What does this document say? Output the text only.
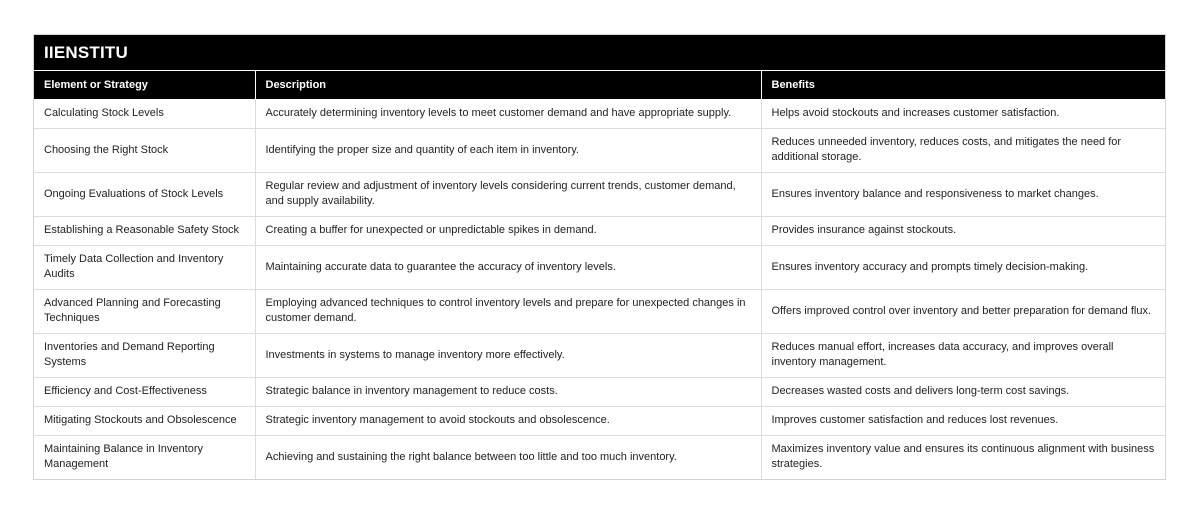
IIENSTITU
Element or Strategy	Description	Benefits
Calculating Stock Levels	Accurately determining inventory levels to meet customer demand and have appropriate supply.	Helps avoid stockouts and increases customer satisfaction.
Choosing the Right Stock	Identifying the proper size and quantity of each item in inventory.	Reduces unneeded inventory, reduces costs, and mitigates the need for additional storage.
Ongoing Evaluations of Stock Levels	Regular review and adjustment of inventory levels considering current trends, customer demand, and supply availability.	Ensures inventory balance and responsiveness to market changes.
Establishing a Reasonable Safety Stock	Creating a buffer for unexpected or unpredictable spikes in demand.	Provides insurance against stockouts.
Timely Data Collection and Inventory Audits	Maintaining accurate data to guarantee the accuracy of inventory levels.	Ensures inventory accuracy and prompts timely decision-making.
Advanced Planning and Forecasting Techniques	Employing advanced techniques to control inventory levels and prepare for unexpected changes in customer demand.	Offers improved control over inventory and better preparation for demand flux.
Inventories and Demand Reporting Systems	Investments in systems to manage inventory more effectively.	Reduces manual effort, increases data accuracy, and improves overall inventory management.
Efficiency and Cost-Effectiveness	Strategic balance in inventory management to reduce costs.	Decreases wasted costs and delivers long-term cost savings.
Mitigating Stockouts and Obsolescence	Strategic inventory management to avoid stockouts and obsolescence.	Improves customer satisfaction and reduces lost revenues.
Maintaining Balance in Inventory Management	Achieving and sustaining the right balance between too little and too much inventory.	Maximizes inventory value and ensures its continuous alignment with business strategies.
